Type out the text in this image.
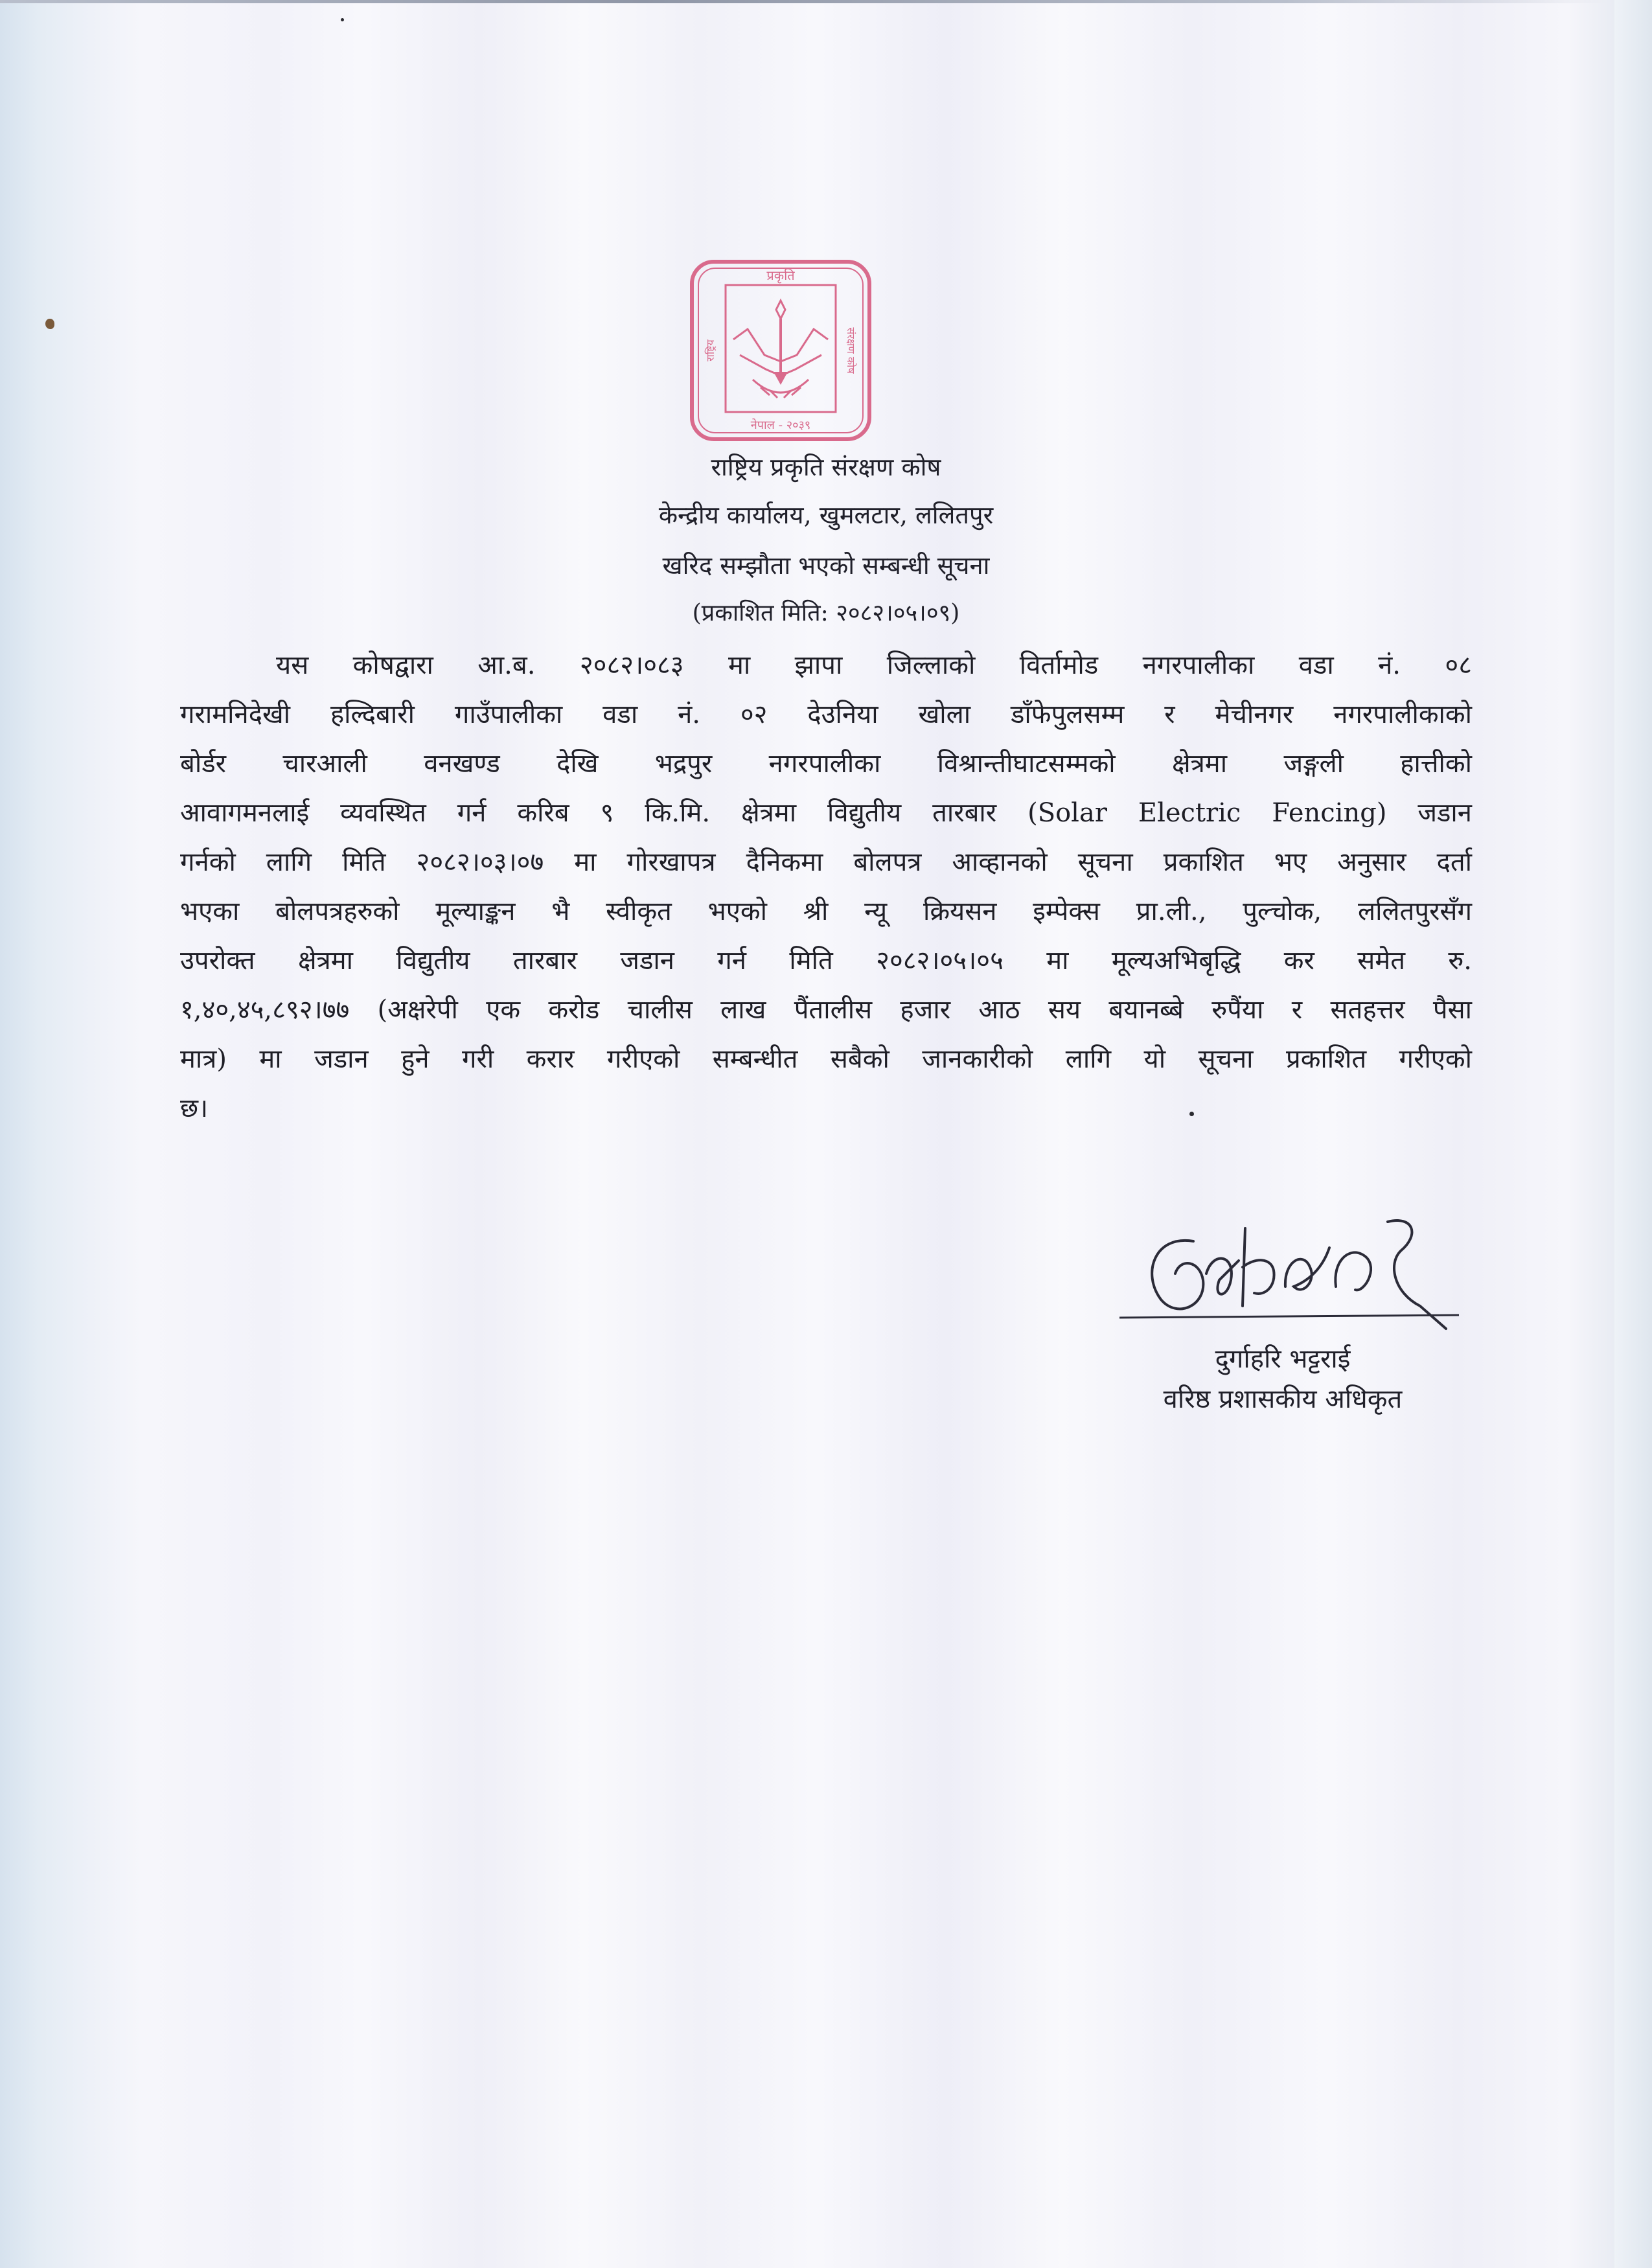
प्रकृति
नेपाल - २०३९
राष्ट्रिय	संरक्षण कोष
राष्ट्रिय प्रकृति संरक्षण कोष
केन्द्रीय कार्यालय, खुमलटार, ललितपुर
खरिद सम्झौता भएको सम्बन्धी सूचना
(प्रकाशित मिति: २०८२।०५।०९)
यस कोषद्वारा आ.ब. २०८२।०८३ मा झापा जिल्लाको विर्तामोड नगरपालीका वडा नं. ०८
गरामनिदेखी हल्दिबारी गाउँपालीका वडा नं. ०२ देउनिया खोला डाँफेपुलसम्म र मेचीनगर नगरपालीकाको
बोर्डर चारआली वनखण्ड देखि भद्रपुर नगरपालीका विश्रान्तीघाटसम्मको क्षेत्रमा जङ्गली हात्तीको
आवागमनलाई व्यवस्थित गर्न करिब ९ कि.मि. क्षेत्रमा विद्युतीय तारबार (Solar Electric Fencing) जडान
गर्नको लागि मिति २०८२।०३।०७ मा गोरखापत्र दैनिकमा बोलपत्र आव्हानको सूचना प्रकाशित भए अनुसार दर्ता
भएका बोलपत्रहरुको मूल्याङ्कन भै स्वीकृत भएको श्री न्यू क्रियसन इम्पेक्स प्रा.ली., पुल्चोक, ललितपुरसँग
उपरोक्त क्षेत्रमा विद्युतीय तारबार जडान गर्न मिति २०८२।०५।०५ मा मूल्यअभिबृद्धि कर समेत रु.
१,४०,४५,८९२।७७ (अक्षरेपी एक करोड चालीस लाख पैंतालीस हजार आठ सय बयानब्बे रुपैंया र सतहत्तर पैसा
मात्र) मा जडान हुने गरी करार गरीएको सम्बन्धीत सबैको जानकारीको लागि यो सूचना प्रकाशित गरीएको
छ।
दुर्गाहरि भट्टराई
वरिष्ठ प्रशासकीय अधिकृत
